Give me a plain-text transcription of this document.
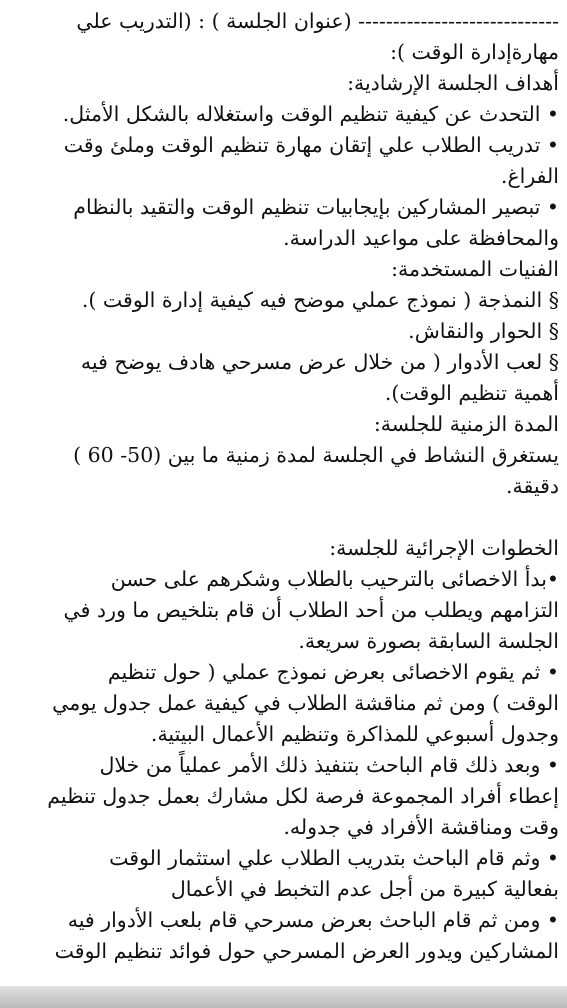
----------------------------- (عنوان الجلسة ) : (التدريب علي

مهارةإدارة الوقت ):

أهداف الجلسة الإرشادية:

• التحدث عن كيفية تنظيم الوقت واستغلاله بالشكل الأمثل.

• تدريب الطلاب علي إتقان مهارة تنظيم الوقت وملئ وقت

الفراغ.

• تبصير المشاركين بإيجابيات تنظيم الوقت والتقيد بالنظام

والمحافظة على مواعيد الدراسة.

الفنيات المستخدمة:

§ النمذجة ( نموذج عملي موضح فيه كيفية إدارة الوقت ).

§ الحوار والنقاش.

§ لعب الأدوار ( من خلال عرض مسرحي هادف يوضح فيه

أهمية تنظيم الوقت).

المدة الزمنية للجلسة:

يستغرق النشاط في الجلسة لمدة زمنية ما بين (50- 60 )

دقيقة.

الخطوات الإجرائية للجلسة:

•بدأ الاخصائى بالترحيب بالطلاب وشكرهم على حسن

التزامهم ويطلب من أحد الطلاب أن قام بتلخيص ما ورد في

الجلسة السابقة بصورة سريعة.

• ثم يقوم الاخصائى بعرض نموذج عملي ( حول تنظيم

الوقت ) ومن ثم مناقشة الطلاب في كيفية عمل جدول يومي

وجدول أسبوعي للمذاكرة وتنظيم الأعمال البيتية.

• وبعد ذلك قام الباحث بتنفيذ ذلك الأمر عملياً من خلال

إعطاء أفراد المجموعة فرصة لكل مشارك بعمل جدول تنظيم

وقت ومناقشة الأفراد في جدوله.

• وثم قام الباحث بتدريب الطلاب علي استثمار الوقت

بفعالية كبيرة من أجل عدم التخبط في الأعمال

• ومن ثم قام الباحث بعرض مسرحي قام بلعب الأدوار فيه

المشاركين ويدور العرض المسرحي حول فوائد تنظيم الوقت
